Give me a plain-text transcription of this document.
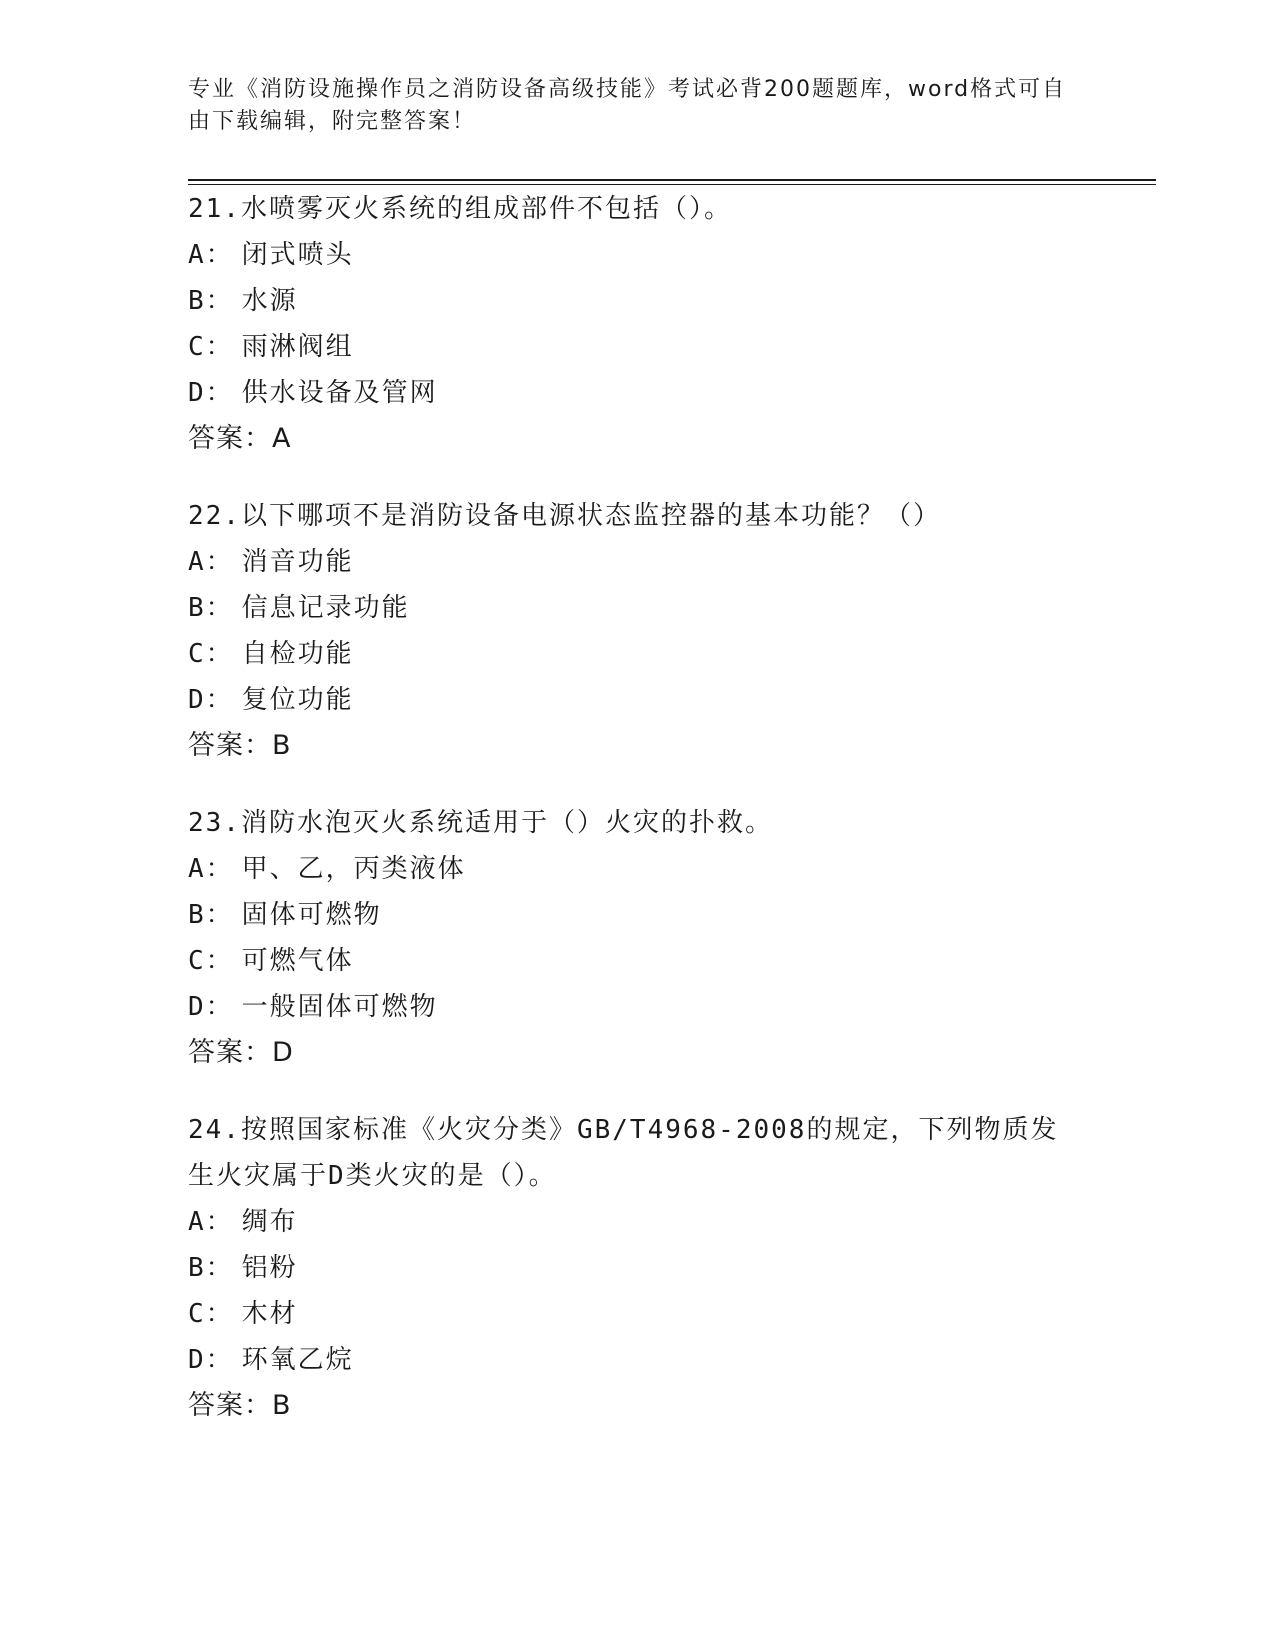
专业《消防设施操作员之消防设备高级技能》考试必背200题题库，word格式可自由下载编辑，附完整答案！
21.水喷雾灭火系统的组成部件不包括（）。
A： 闭式喷头
B： 水源
C： 雨淋阀组
D： 供水设备及管网
答案：A
22.以下哪项不是消防设备电源状态监控器的基本功能？（）
A： 消音功能
B： 信息记录功能
C： 自检功能
D： 复位功能
答案：B
23.消防水泡灭火系统适用于（）火灾的扑救。
A： 甲、乙，丙类液体
B： 固体可燃物
C： 可燃气体
D： 一般固体可燃物
答案：D
24.按照国家标准《火灾分类》GB/T4968-2008的规定，下列物质发生火灾属于D类火灾的是（）。
A： 绸布
B： 铝粉
C： 木材
D： 环氧乙烷
答案：B
